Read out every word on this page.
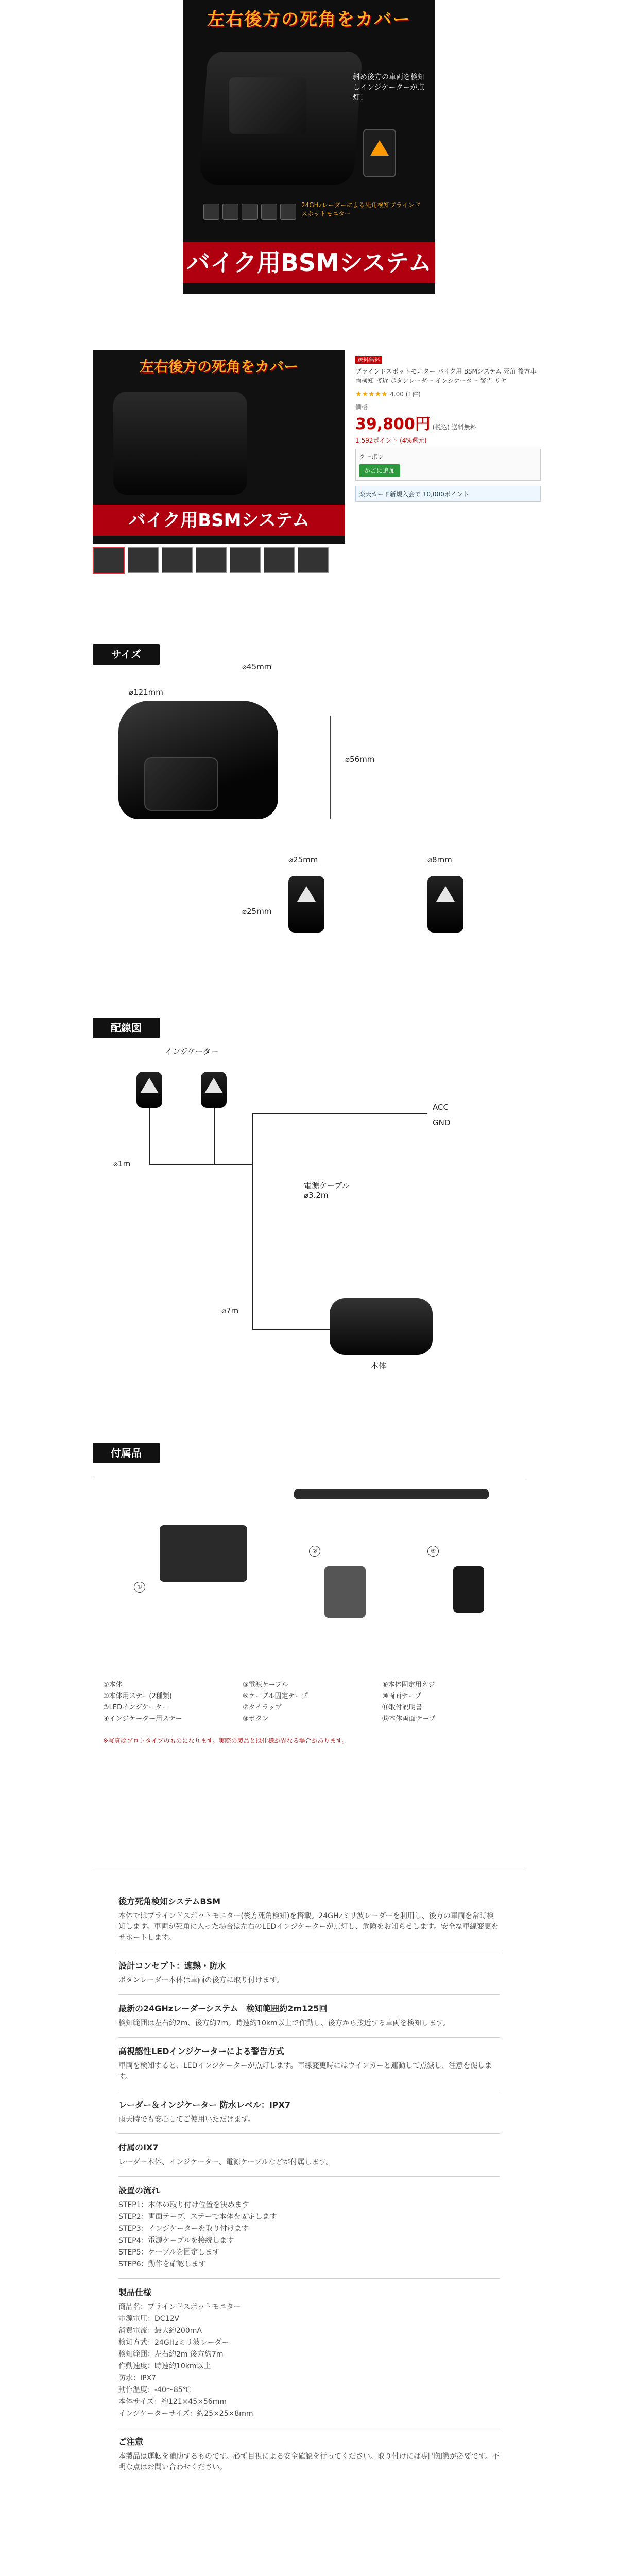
左右後方の死角をカバー
斜め後方の車両を検知しインジケーターが点灯！
24GHzレーダーによる死角検知ブラインドスポットモニター
バイク用BSMシステム
左右後方の死角をカバー
バイク用BSMシステム
送料無料
ブラインドスポットモニター バイク用 BSMシステム 死角 後方車両検知 接近 ボタンレーダー インジケーター 警告 リヤ
★★★★★ 4.00 (1件)
価格
39,800円 (税込) 送料無料
1,592ポイント (4%還元)
クーポン
かごに追加
楽天カード新規入会で 10,000ポイント
サイズ
⌀121mm
⌀45mm
⌀56mm
⌀25mm
⌀25mm
⌀8mm
配線図
インジケーター
ACC
GND
⌀1m
電源ケーブル ⌀3.2m
⌀7m
本体
付属品
①
②	⑤
①本体
②本体用ステー(2種類)
③LEDインジケーター
④インジケーター用ステー
⑤電源ケーブル
⑥ケーブル固定テープ
⑦タイラップ
⑧ボタン
⑨本体固定用ネジ
⑩両面テープ
⑪取付説明書
⑫本体両面テープ
※写真はプロトタイプのものになります。実際の製品とは仕様が異なる場合があります。
後方死角検知システムBSM
本体ではブラインドスポットモニター(後方死角検知)を搭載。24GHzミリ波レーダーを利用し、後方の車両を常時検知します。車両が死角に入った場合は左右のLEDインジケーターが点灯し、危険をお知らせします。安全な車線変更をサポートします。
設計コンセプト：遮熱・防水
ボタンレーダー本体は車両の後方に取り付けます。
最新の24GHzレーダーシステム　検知範囲約2m125回
検知範囲は左右約2m、後方約7m。時速約10km以上で作動し、後方から接近する車両を検知します。
高視認性LEDインジケーターによる警告方式
車両を検知すると、LEDインジケーターが点灯します。車線変更時にはウインカーと連動して点滅し、注意を促します。
レーダー＆インジケーター 防水レベル：IPX7
雨天時でも安心してご使用いただけます。
付属のIX7
レーダー本体、インジケーター、電源ケーブルなどが付属します。
設置の流れ
STEP1：本体の取り付け位置を決めます
STEP2：両面テープ、ステーで本体を固定します
STEP3：インジケーターを取り付けます
STEP4：電源ケーブルを接続します
STEP5：ケーブルを固定します
STEP6：動作を確認します
製品仕様
商品名：ブラインドスポットモニター
電源電圧：DC12V
消費電流：最大約200mA
検知方式：24GHzミリ波レーダー
検知範囲：左右約2m 後方約7m
作動速度：時速約10km以上
防水：IPX7
動作温度：-40〜85℃
本体サイズ：約121×45×56mm
インジケーターサイズ：約25×25×8mm
ご注意
本製品は運転を補助するものです。必ず目視による安全確認を行ってください。取り付けには専門知識が必要です。不明な点はお問い合わせください。
